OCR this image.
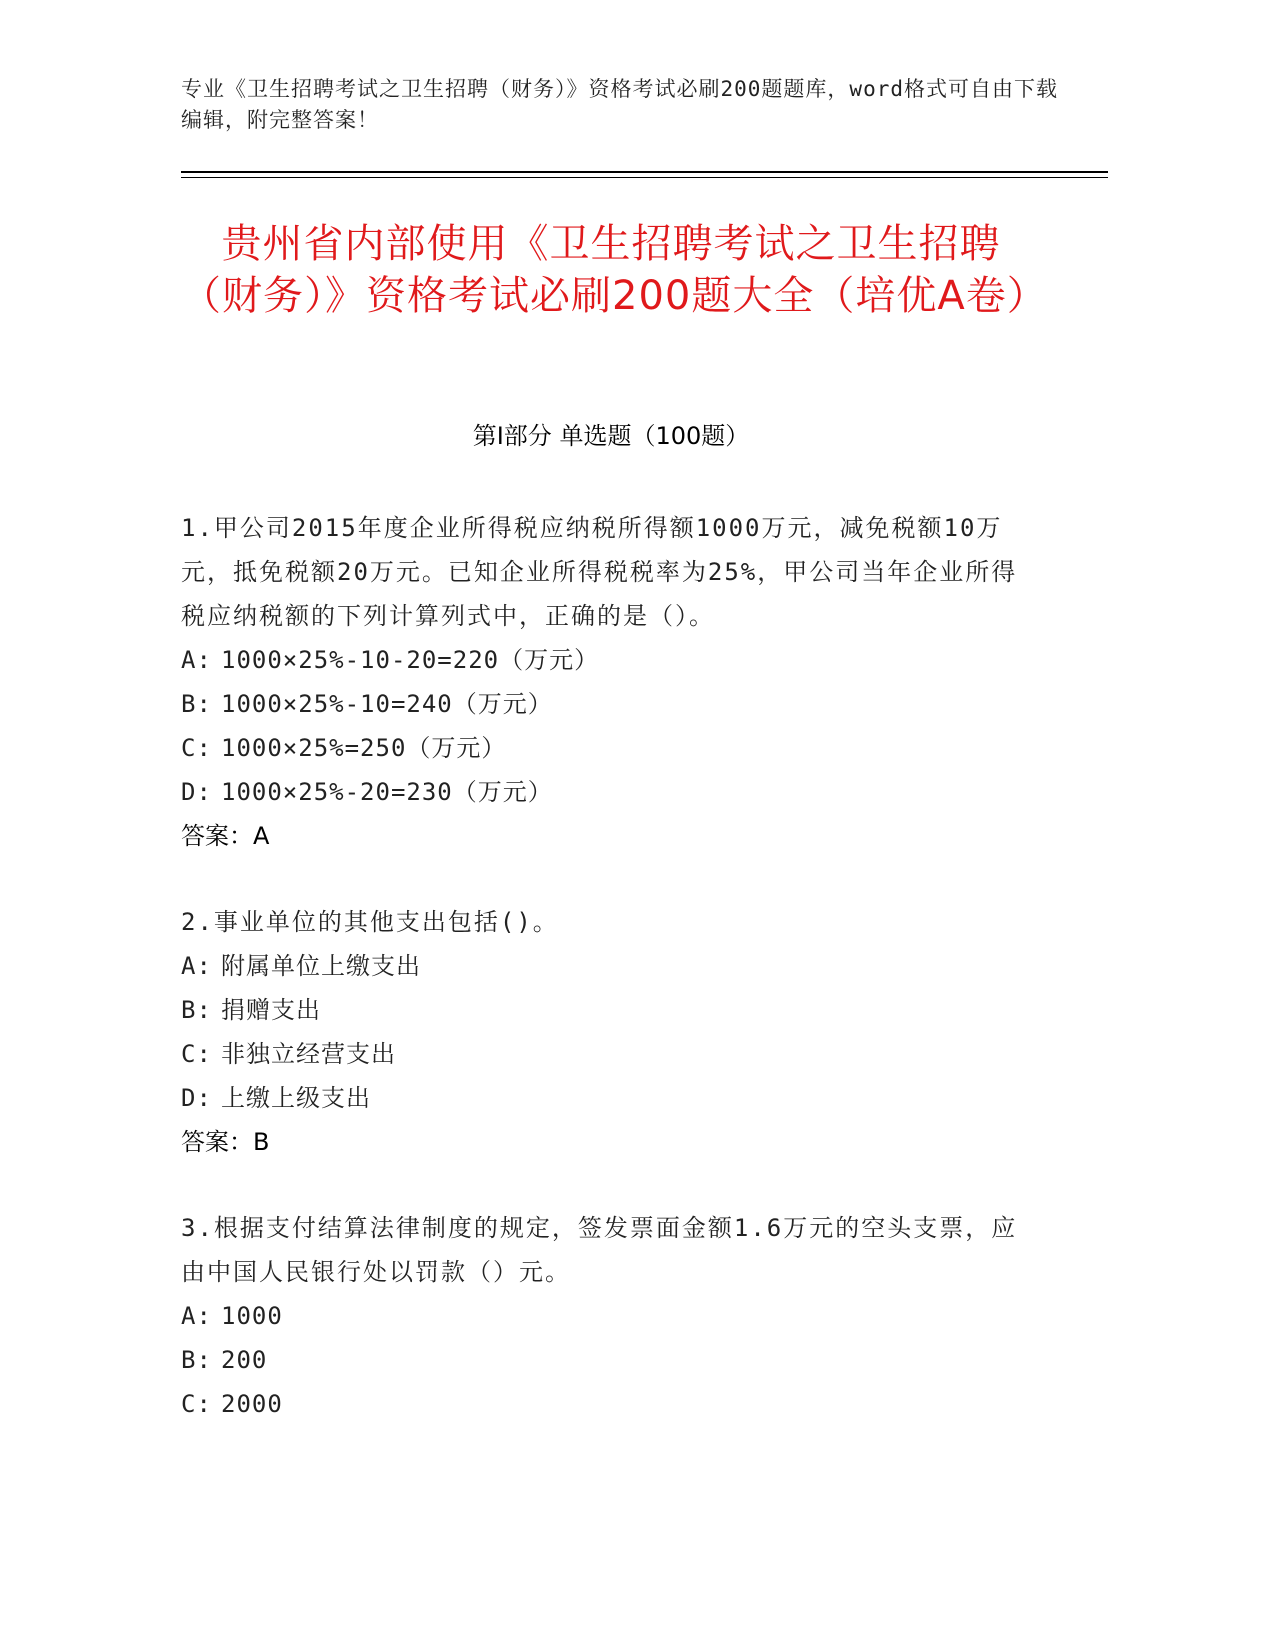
专业《卫生招聘考试之卫生招聘（财务）》资格考试必刷200题题库，word格式可自由下载编辑，附完整答案！
贵州省内部使用《卫生招聘考试之卫生招聘（财务）》资格考试必刷200题大全（培优A卷）
第Ⅰ部分 单选题（100题）

1.甲公司2015年度企业所得税应纳税所得额1000万元，减免税额10万元，抵免税额20万元。已知企业所得税税率为25%，甲公司当年企业所得税应纳税额的下列计算列式中，正确的是（）。

A: 1000×25%-10-20=220（万元）
B: 1000×25%-10=240（万元）
C: 1000×25%=250（万元）
D: 1000×25%-20=230（万元）
答案：A

2.事业单位的其他支出包括()。

A: 附属单位上缴支出
B: 捐赠支出
C: 非独立经营支出
D: 上缴上级支出
答案：B

3.根据支付结算法律制度的规定，签发票面金额1.6万元的空头支票，应由中国人民银行处以罚款（）元。

A: 1000
B: 200
C: 2000
